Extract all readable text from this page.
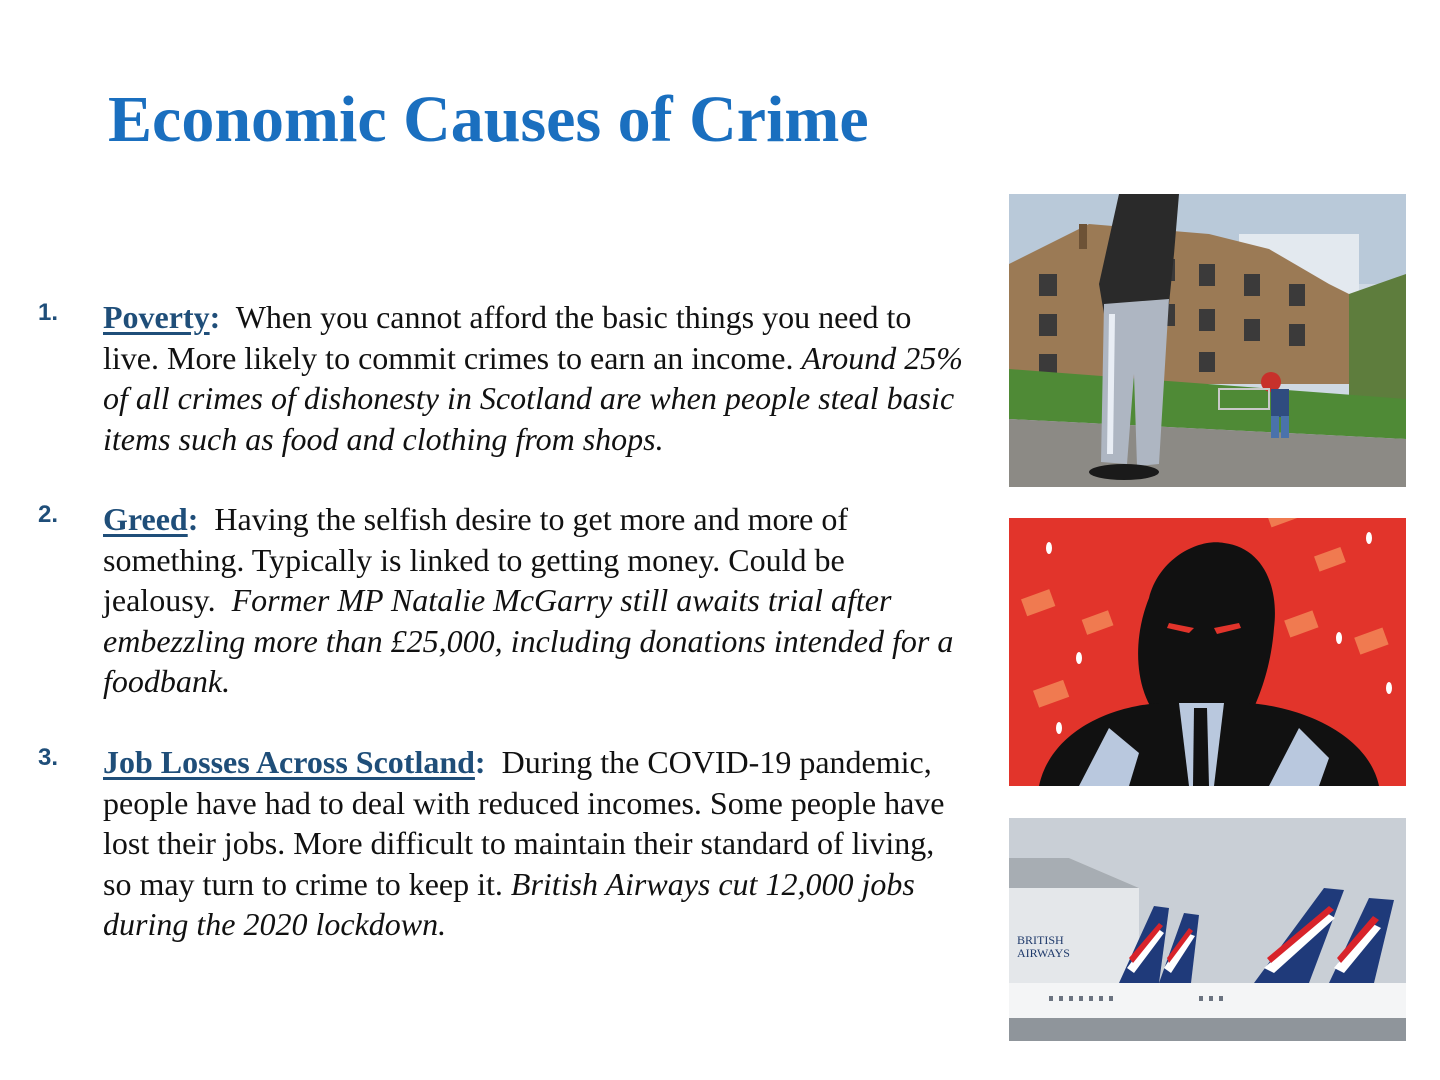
Economic Causes of Crime
1. Poverty: When you cannot afford the basic things you need to live. More likely to commit crimes to earn an income. Around 25% of all crimes of dishonesty in Scotland are when people steal basic items such as food and clothing from shops.
2. Greed: Having the selfish desire to get more and more of something. Typically is linked to getting money. Could be jealousy. Former MP Natalie McGarry still awaits trial after embezzling more than £25,000, including donations intended for a foodbank.
3. Job Losses Across Scotland: During the COVID-19 pandemic, people have had to deal with reduced incomes. Some people have lost their jobs. More difficult to maintain their standard of living, so may turn to crime to keep it. British Airways cut 12,000 jobs during the 2020 lockdown.	BRITISH
AIRWAYS
